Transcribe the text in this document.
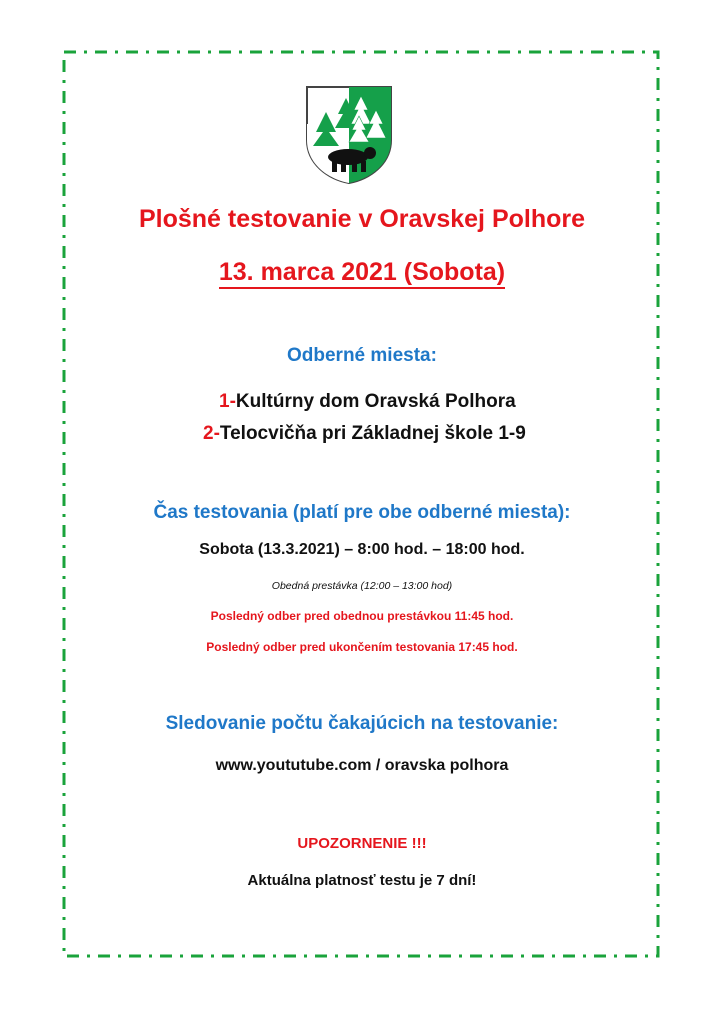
Plošné testovanie v Oravskej Polhore
13. marca 2021 (Sobota)
Odberné miesta:
1-Kultúrny dom Oravská Polhora
2-Telocvičňa pri Základnej škole 1-9
Čas testovania (platí pre obe odberné miesta):
Sobota (13.3.2021) – 8:00 hod. – 18:00 hod.
Obedná prestávka (12:00 – 13:00 hod)
Posledný odber pred obednou prestávkou 11:45 hod.
Posledný odber pred ukončením testovania 17:45 hod.
Sledovanie počtu čakajúcich na testovanie:
www.yoututube.com / oravska polhora
UPOZORNENIE !!!
Aktuálna platnosť testu je 7 dní!
